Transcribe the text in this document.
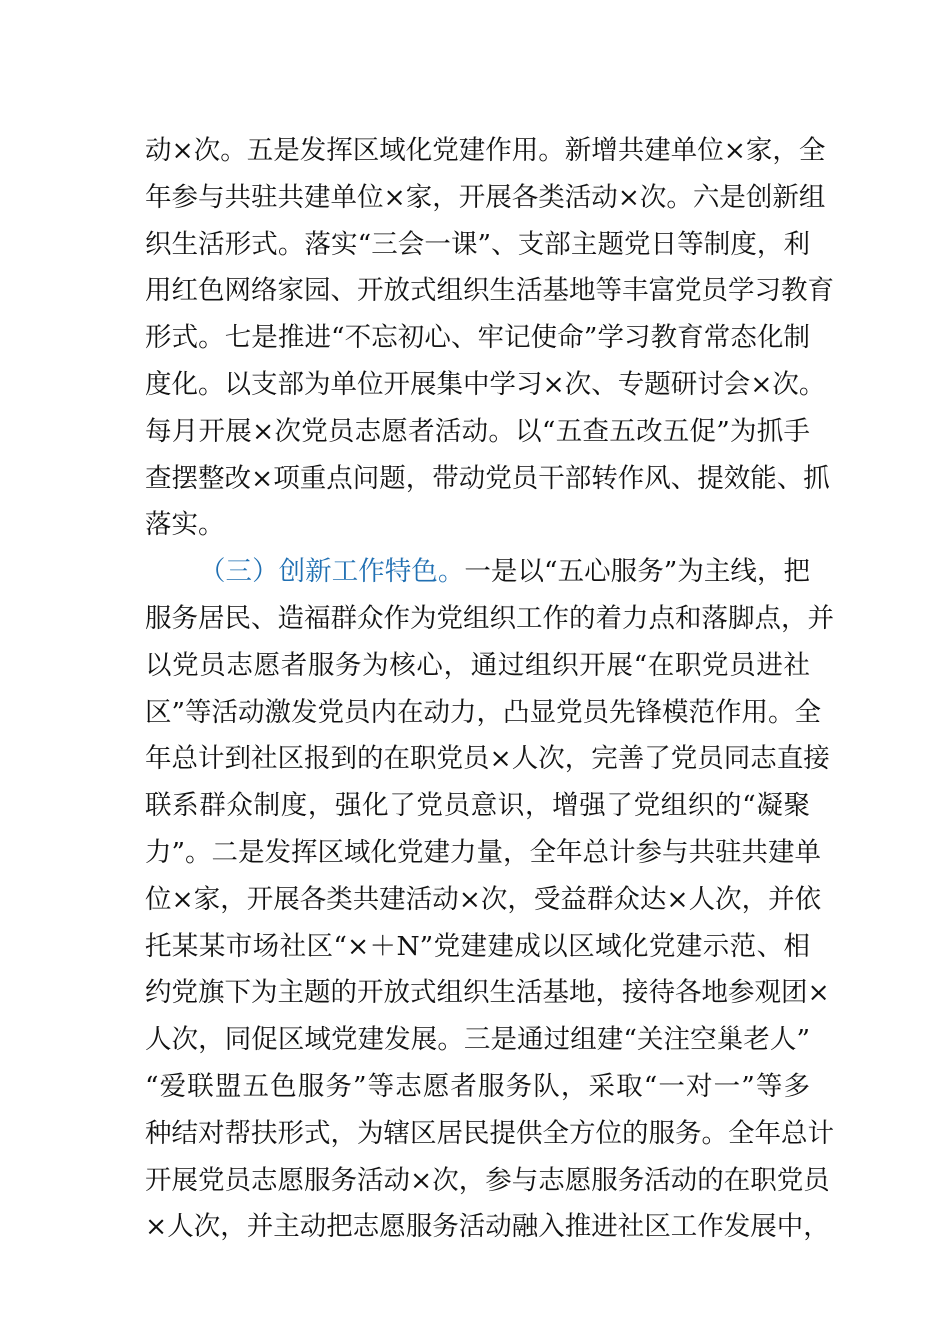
动×次。五是发挥区域化党建作用。新增共建单位×家，全
年参与共驻共建单位×家，开展各类活动×次。六是创新组
织生活形式。落实“三会一课”、支部主题党日等制度，利
用红色网络家园、开放式组织生活基地等丰富党员学习教育
形式。七是推进“不忘初心、牢记使命”学习教育常态化制
度化。以支部为单位开展集中学习×次、专题研讨会×次。
每月开展×次党员志愿者活动。以“五查五改五促”为抓手
查摆整改×项重点问题，带动党员干部转作风、提效能、抓
落实。
（三）创新工作特色。一是以“五心服务”为主线，把
服务居民、造福群众作为党组织工作的着力点和落脚点，并
以党员志愿者服务为核心，通过组织开展“在职党员进社
区”等活动激发党员内在动力，凸显党员先锋模范作用。全
年总计到社区报到的在职党员×人次，完善了党员同志直接
联系群众制度，强化了党员意识，增强了党组织的“凝聚
力”。二是发挥区域化党建力量，全年总计参与共驻共建单
位×家，开展各类共建活动×次，受益群众达×人次，并依
托某某市场社区“×＋N”党建建成以区域化党建示范、相
约党旗下为主题的开放式组织生活基地，接待各地参观团×
人次，同促区域党建发展。三是通过组建“关注空巢老人”
“爱联盟五色服务”等志愿者服务队，采取“一对一”等多
种结对帮扶形式，为辖区居民提供全方位的服务。全年总计
开展党员志愿服务活动×次，参与志愿服务活动的在职党员
×人次，并主动把志愿服务活动融入推进社区工作发展中，
